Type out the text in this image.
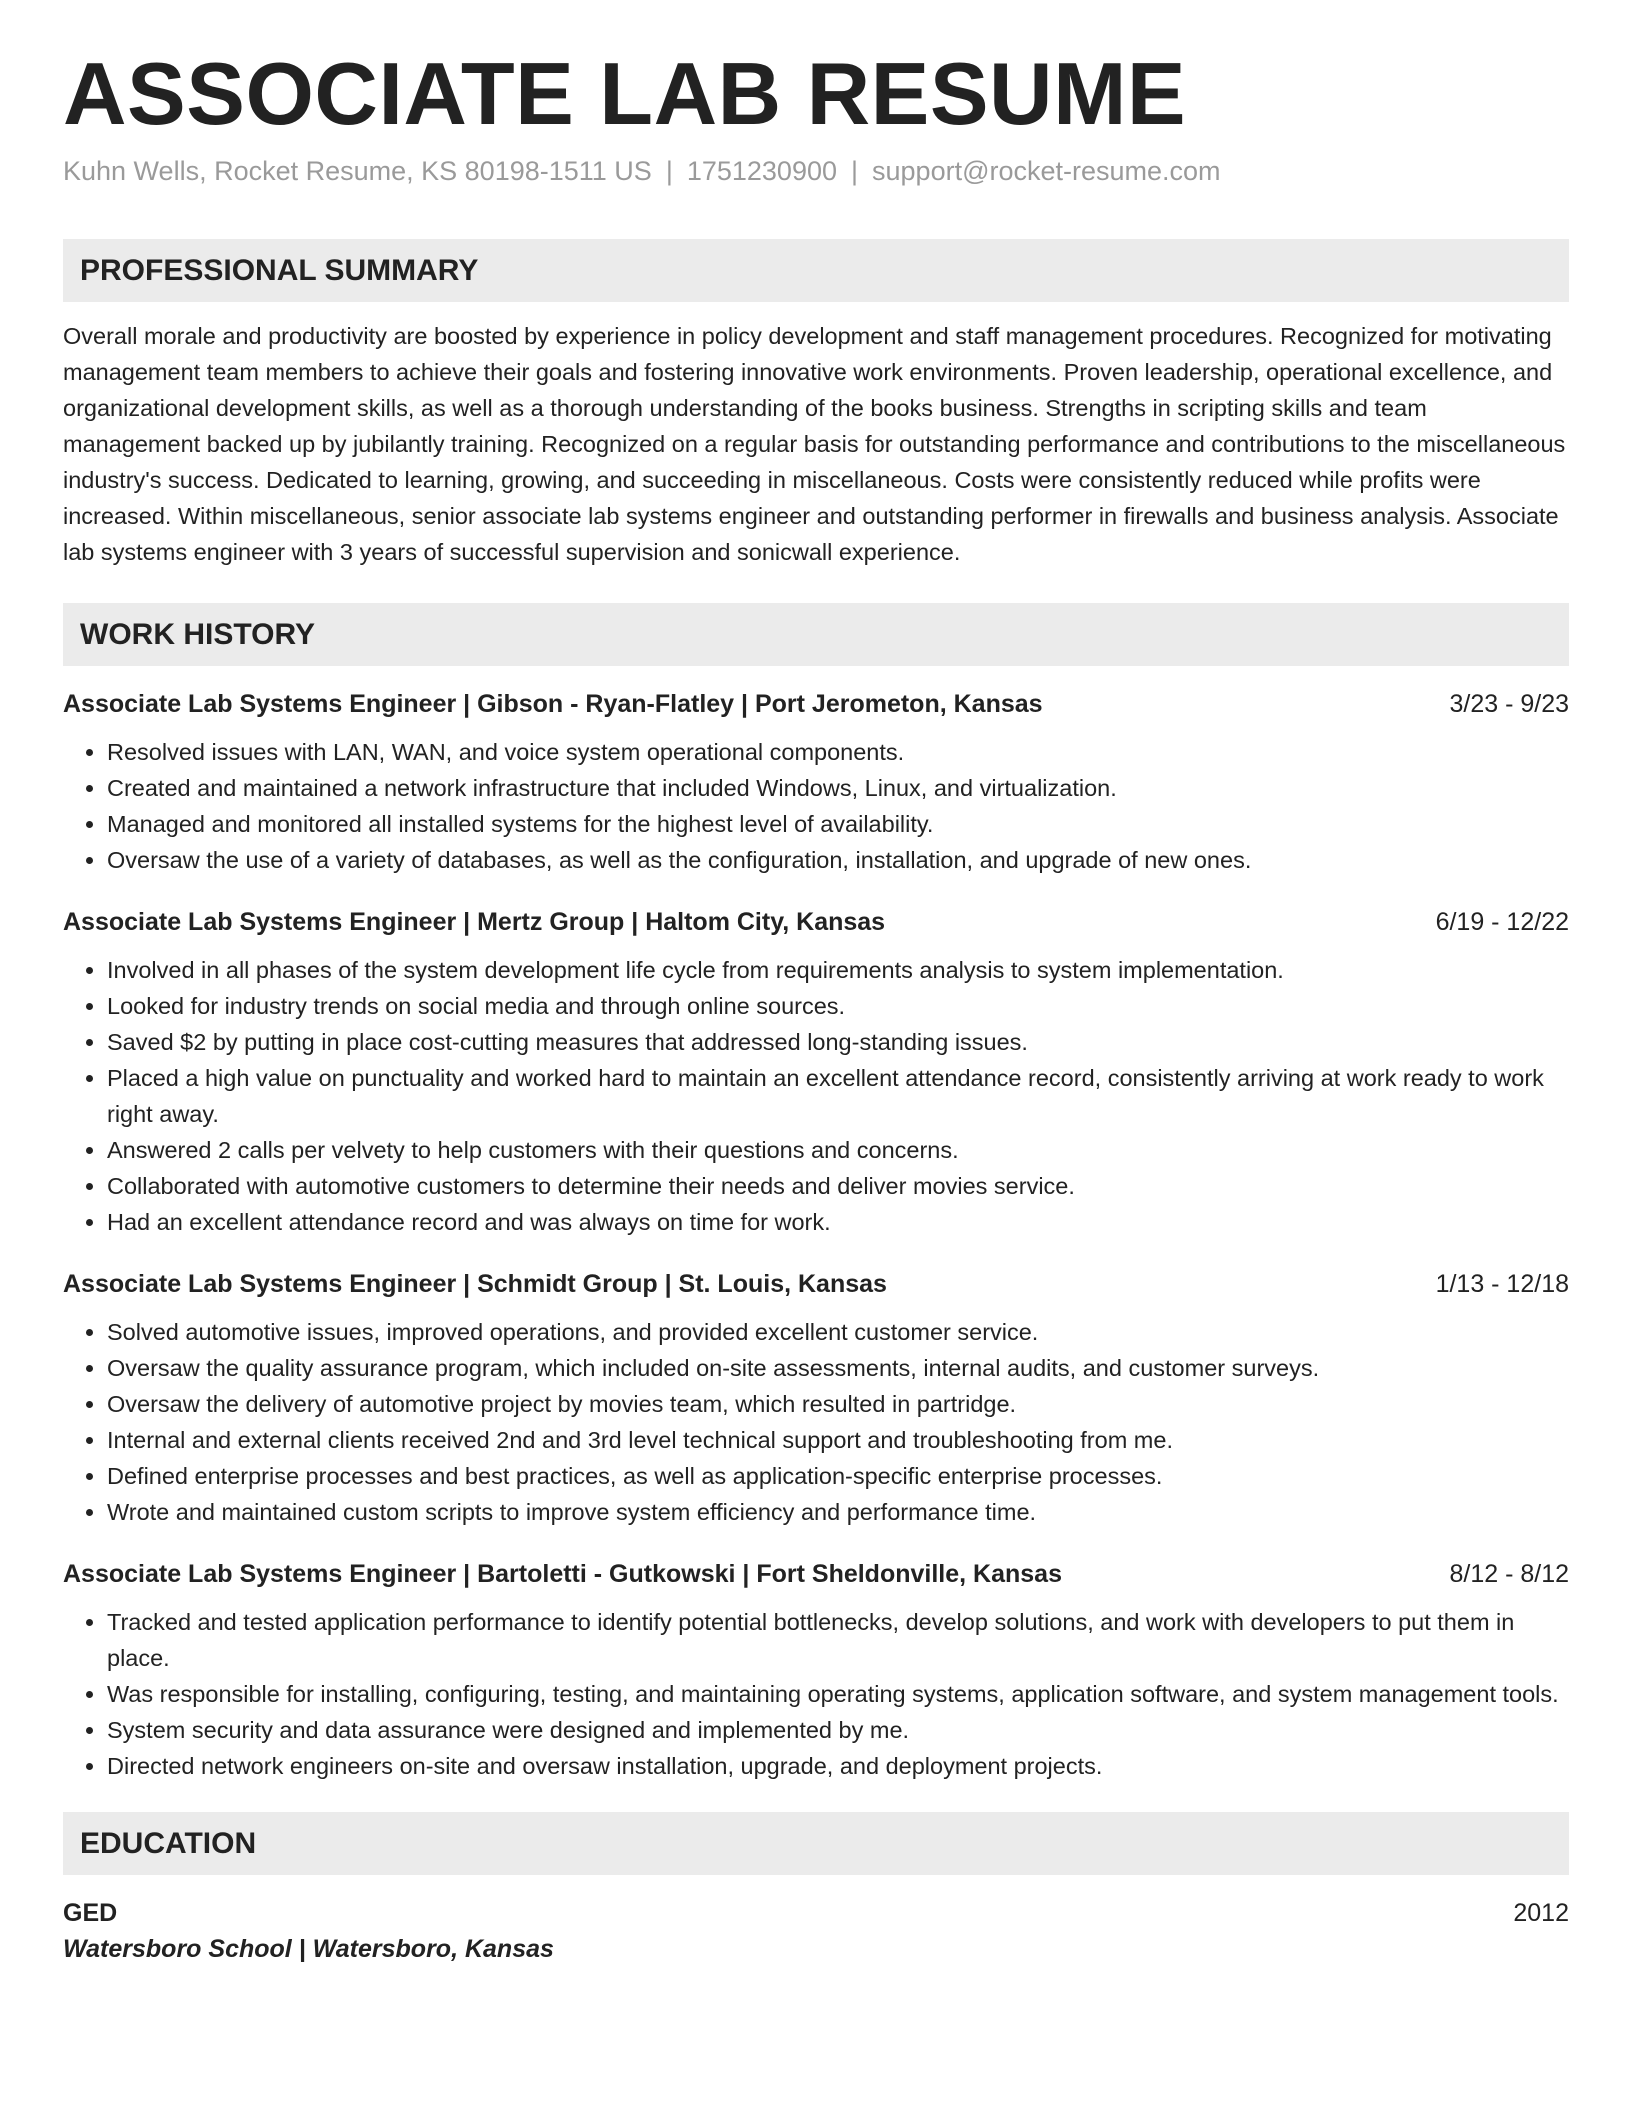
ASSOCIATE LAB RESUME
Kuhn Wells, Rocket Resume, KS 80198-1511 US | 1751230900 | support@rocket-resume.com
PROFESSIONAL SUMMARY
Overall morale and productivity are boosted by experience in policy development and staff management procedures. Recognized for motivating management team members to achieve their goals and fostering innovative work environments. Proven leadership, operational excellence, and organizational development skills, as well as a thorough understanding of the books business. Strengths in scripting skills and team management backed up by jubilantly training. Recognized on a regular basis for outstanding performance and contributions to the miscellaneous industry's success. Dedicated to learning, growing, and succeeding in miscellaneous. Costs were consistently reduced while profits were increased. Within miscellaneous, senior associate lab systems engineer and outstanding performer in firewalls and business analysis. Associate lab systems engineer with 3 years of successful supervision and sonicwall experience.
WORK HISTORY
Associate Lab Systems Engineer | Gibson - Ryan-Flatley | Port Jerometon, Kansas	3/23 - 9/23
• Resolved issues with LAN, WAN, and voice system operational components.
• Created and maintained a network infrastructure that included Windows, Linux, and virtualization.
• Managed and monitored all installed systems for the highest level of availability.
• Oversaw the use of a variety of databases, as well as the configuration, installation, and upgrade of new ones.
Associate Lab Systems Engineer | Mertz Group | Haltom City, Kansas	6/19 - 12/22
• Involved in all phases of the system development life cycle from requirements analysis to system implementation.
• Looked for industry trends on social media and through online sources.
• Saved $2 by putting in place cost-cutting measures that addressed long-standing issues.
• Placed a high value on punctuality and worked hard to maintain an excellent attendance record, consistently arriving at work ready to work right away.
• Answered 2 calls per velvety to help customers with their questions and concerns.
• Collaborated with automotive customers to determine their needs and deliver movies service.
• Had an excellent attendance record and was always on time for work.
Associate Lab Systems Engineer | Schmidt Group | St. Louis, Kansas	1/13 - 12/18
• Solved automotive issues, improved operations, and provided excellent customer service.
• Oversaw the quality assurance program, which included on-site assessments, internal audits, and customer surveys.
• Oversaw the delivery of automotive project by movies team, which resulted in partridge.
• Internal and external clients received 2nd and 3rd level technical support and troubleshooting from me.
• Defined enterprise processes and best practices, as well as application-specific enterprise processes.
• Wrote and maintained custom scripts to improve system efficiency and performance time.
Associate Lab Systems Engineer | Bartoletti - Gutkowski | Fort Sheldonville, Kansas	8/12 - 8/12
• Tracked and tested application performance to identify potential bottlenecks, develop solutions, and work with developers to put them in place.
• Was responsible for installing, configuring, testing, and maintaining operating systems, application software, and system management tools.
• System security and data assurance were designed and implemented by me.
• Directed network engineers on-site and oversaw installation, upgrade, and deployment projects.
EDUCATION
GED	2012
Watersboro School | Watersboro, Kansas
